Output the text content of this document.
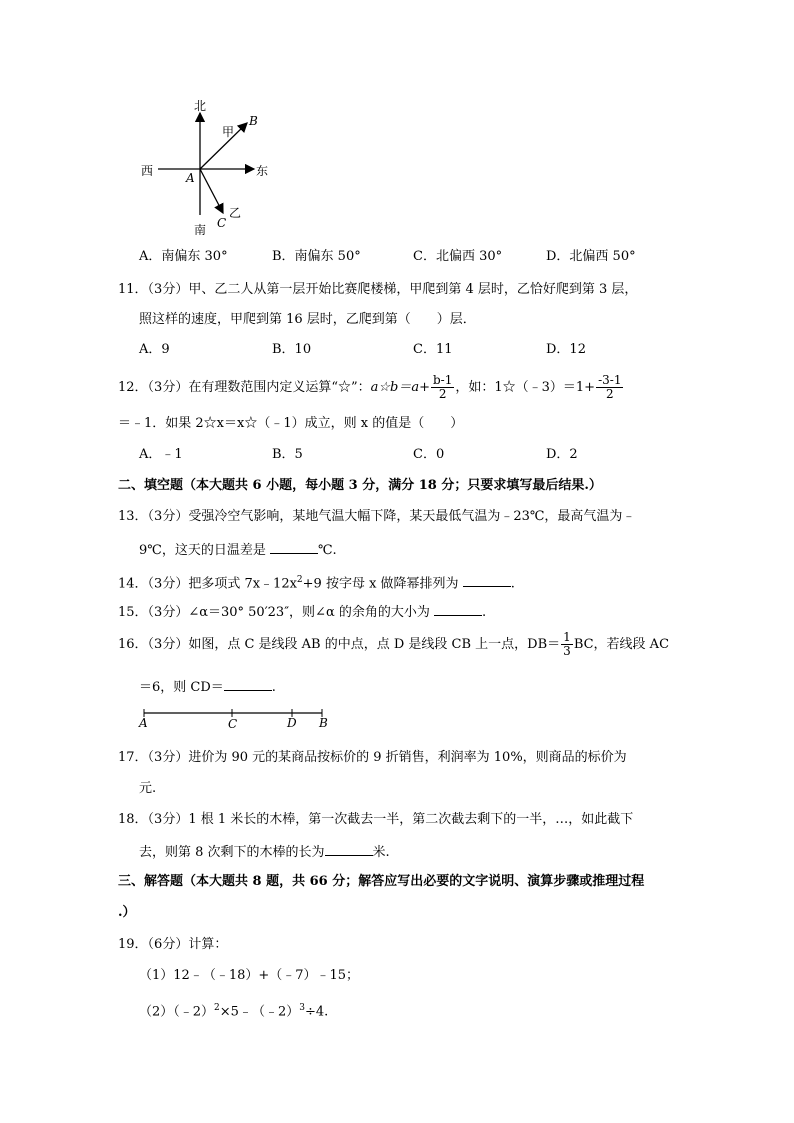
北
南
西	东
甲
乙
A
B
C
A．南偏东 30°	B．南偏东 50°	C．北偏西 30°	D．北偏西 50°
11．（3分）甲、乙二人从第一层开始比赛爬楼梯，甲爬到第 4 层时，乙恰好爬到第 3 层，
照这样的速度，甲爬到第 16 层时，乙爬到第（　　）层．
A．9	B．10	C．11	D．12
12．（3分）在有理数范围内定义运算“☆”：a☆b＝a+ $\frac{b-1}{2}$ ，如：1☆（﹣3）＝1+ $\frac{-3-1}{2}$
＝﹣1．如果 2☆x＝x☆（﹣1）成立，则 x 的值是（　　）
A．﹣1	B．5	C．0	D．2
二、填空题（本大题共 6 小题，每小题 3 分，满分 18 分；只要求填写最后结果.）
13．（3分）受强冷空气影响，某地气温大幅下降，某天最低气温为﹣23℃，最高气温为﹣
9℃，这天的日温差是	℃.
14．（3分）把多项式 $7x﹣12x^2+9$ 按字母 x 做降幂排列为	.
15．（3分）∠α＝30° 50′23″，则∠α 的余角的大小为	.
16．（3分）如图，点 C 是线段 AB 的中点，点 D 是线段 CB 上一点，$DB= \frac{1}{3}$ BC，若线段 AC
＝6，则 CD＝	.
A	C	D B
17．（3分）进价为 90 元的某商品按标价的 9 折销售，利润率为 10%，则商品的标价为
元.
18．（3分）1 根 1 米长的木棒，第一次截去一半，第二次截去剩下的一半，…，如此截下
去，则第 8 次剩下的木棒的长为	米.
三、解答题（本大题共 8 题，共 66 分；解答应写出必要的文字说明、演算步骤或推理过程
.）
19．（6分）计算：
（1）12﹣（﹣18）+（﹣7）﹣15；
（2）（﹣2）$^2$×5﹣（﹣2）$^3$÷4.
